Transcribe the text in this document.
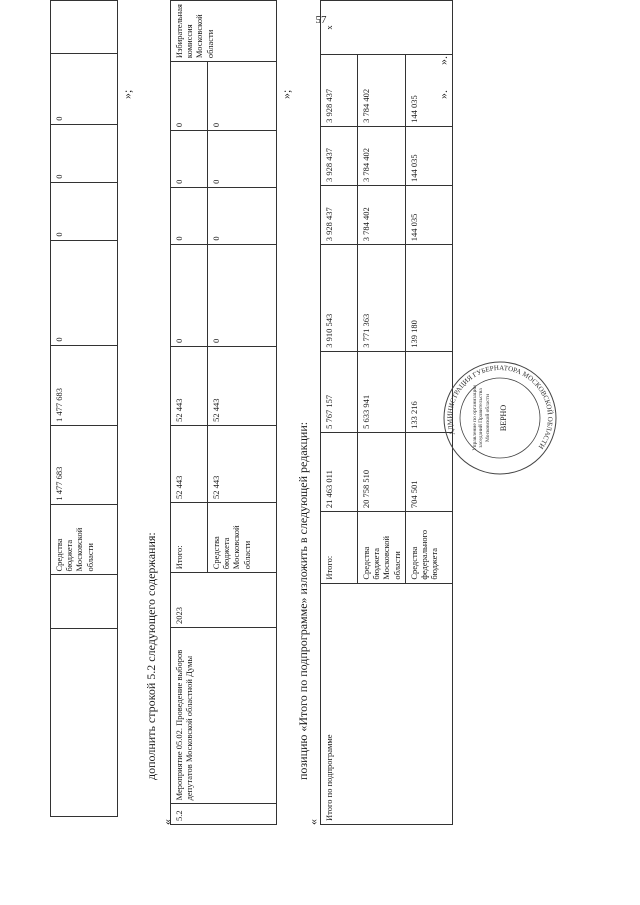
57
		Средства бюджета Московской области	1 477 683	1 477 683	0	0	0	0	
»;
дополнить строкой 5.2 следующего содержания:
«
5.2	Мероприятие 05.02. Проведение выборов депутатов Московской областной Думы	2023	Итого:	52 443	52 443	0	0	0	0	Избирательная комиссия Московской области
			Средства бюджета Московской области	52 443	52 443	0	0	0	0	
»;
позицию «Итого по подпрограмме» изложить в следующей редакции:
«
Итого по подпрограмме	Итого:	21 463 011	5 767 157	3 910 543	3 928 437	3 928 437	3 928 437	х
	Средства бюджета Московской области	20 758 510	5 633 941	3 771 363	3 784 402	3 784 402	3 784 402	
	Средства федерального бюджета	704 501	133 216	139 180	144 035	144 035	144 035	
».
».
АДМИНИСТРАЦИЯ ГУБЕРНАТОРА МОСКОВСКОЙ ОБЛАСТИ
Управление по организации заседаний Правительства Московской области ВЕРНО
